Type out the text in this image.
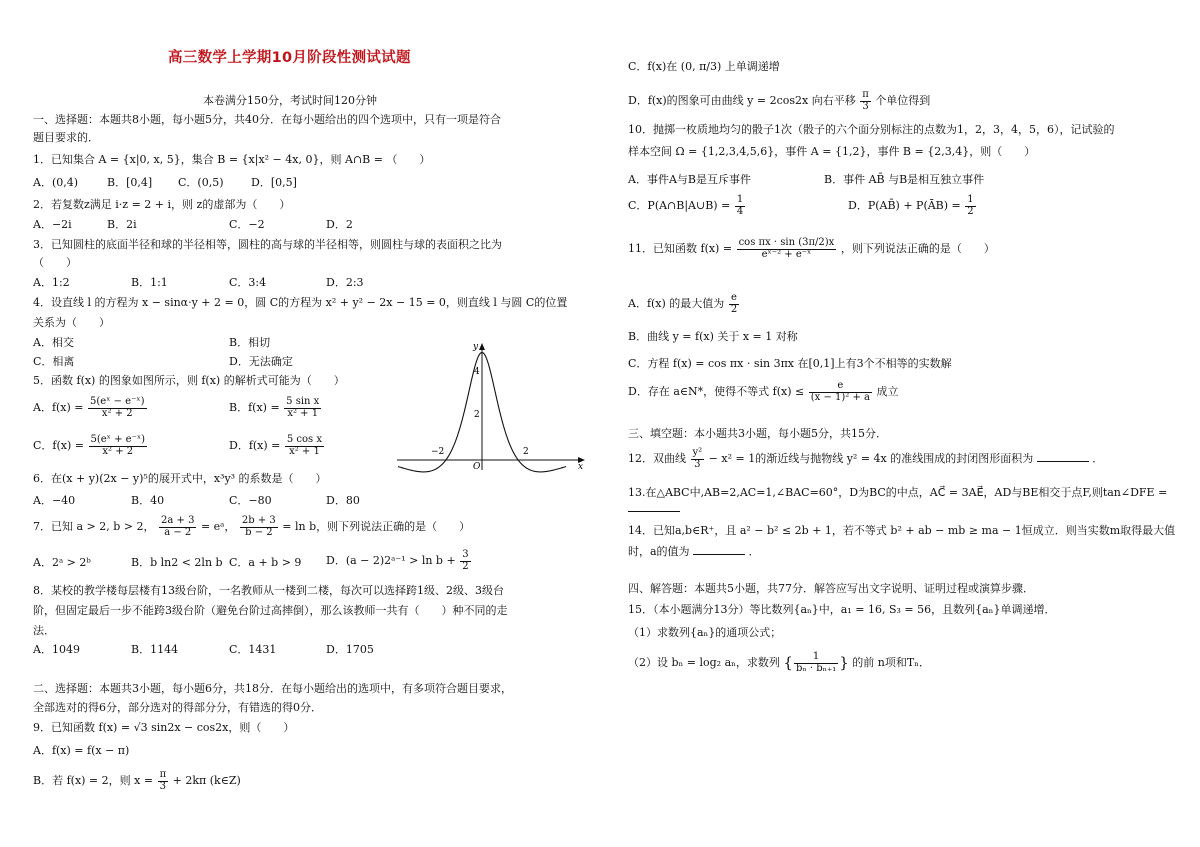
高三数学上学期10月阶段性测试试题
本卷满分150分，考试时间120分钟
一、选择题：本题共8小题，每小题5分，共40分．在每小题给出的四个选项中，只有一项是符合
题目要求的．
1．已知集合 A = {x|0, x, 5}，集合 B = {x|x² − 4x, 0}，则 A∩B = （　　）
A．(0,4)	B．[0,4] C．(0,5)	D．[0,5]
2．若复数z满足 i·z = 2 + i，则 z的虚部为（　　）
A．−2i	B．2i	C．−2	D．2
3．已知圆柱的底面半径和球的半径相等，圆柱的高与球的半径相等，则圆柱与球的表面积之比为
（　　）
A．1:2	B．1:1	C．3:4	D．2:3
4．设直线 l 的方程为 x − sinα·y + 2 = 0，圆 C的方程为 x² + y² − 2x − 15 = 0，则直线 l 与圆 C的位置
关系为（　　）
A．相交	B．相切
C．相离	D．无法确定
5．函数 f(x) 的图象如图所示，则 f(x) 的解析式可能为（　　）
A．$f(x) = \frac{\text{5(eˣ − e⁻ˣ)}}{\text{x² + 2}}$	B．$f(x) = \frac{\text{5 sin x}}{\text{x² + 1}}$
C．$f(x) = \frac{\text{5(eˣ + e⁻ˣ)}}{\text{x² + 2}}$	D．$f(x) = \frac{\text{5 cos x}}{\text{x² + 1}}$
6．在(x + y)(2x − y)⁵的展开式中，x³y³ 的系数是（　　）
A．−40	B．40	C．−80	D．80
7．已知 a > 2, b > 2， $\frac{2a + 3}{a - 2}$ = eᵃ， $\frac{2b + 3}{b - 2} = \ln b$，则下列说法正确的是（　　）
A．2ᵃ > 2ᵇ	B．b ln2 < 2ln b C．a + b > 9 D．(a − 2)2ᵃ⁻¹ > $\ln b + \frac{3}{2}$
8．某校的教学楼每层楼有13级台阶，一名教师从一楼到二楼，每次可以选择跨1级、2级、3级台
阶，但固定最后一步不能跨3级台阶（避免台阶过高摔倒），那么该教师一共有（　　）种不同的走
法．
A．1049	B．1144	C．1431	D．1705
二、选择题：本题共3小题，每小题6分，共18分．在每小题给出的选项中，有多项符合题目要求，
全部选对的得6分，部分选对的得部分分，有错选的得0分．
9．已知函数 f(x) = √3 sin2x − cos2x，则（　　）
A．f(x) = f(x − π)
B．若 f(x) = 2，则 $x = \frac{\pi}{3} + 2k\pi$ (k∈Z)
y
x
O
4
2
−2	2
C．f(x)在 (0, π/3) 上单调递增
D．f(x)的图象可由曲线 y = 2cos2x 向右平移 $\frac{\pi}{3}$ 个单位得到
10．抛掷一枚质地均匀的骰子1次（骰子的六个面分别标注的点数为1，2，3，4，5，6），记试验的
样本空间 Ω = {1,2,3,4,5,6}，事件 A = {1,2}，事件 B = {2,3,4}，则（　　）
A．事件A与B是互斥事件	B．事件 AB̄ 与B是相互独立事件
C．P(A∩B|A∪B) = $\frac{1}{4}$	D．P(AB̄) + P(ĀB) = $\frac{1}{2}$
11．已知函数 $f(x) = \frac{\text{cos πx · sin (3π/2)x}}{\text{eˣ⁻² + e⁻ˣ}}$ ，则下列说法正确的是（　　）
A．f(x) 的最大值为 $\frac{e}{2}$
B．曲线 y = f(x) 关于 x = 1 对称
C．方程 f(x) = cos πx · sin 3πx 在[0,1]上有3个不相等的实数解
D．存在 a∈N*，使得不等式 $f(x) \le \frac{e}{\text{(x − 1)² + a}}$ 成立
三、填空题：本小题共3小题，每小题5分，共15分．
12．双曲线 $\frac{\text{y²}}{3} - x^2 = 1$的渐近线与抛物线 y² = 4x 的准线围成的封闭图形面积为	．
13.在△ABC中,AB=2,AC=1,∠BAC=60°，D为BC的中点，AC⃗ = 3AE⃗，AD与BE相交于点F,则tan∠DFE =
14．已知a,b∈R⁺，且 a² − b² ≤ 2b + 1，若不等式 b² + ab − mb ≥ ma − 1恒成立．则当实数m取得最大值
时，a的值为	．
四、解答题：本题共5小题，共77分．解答应写出文字说明、证明过程或演算步骤．
15．（本小题满分13分）等比数列{aₙ}中，a₁ = 16, S₃ = 56，且数列{aₙ}单调递增．
（1）求数列{aₙ}的通项公式；
（2）设 bₙ = log₂ aₙ，求数列 { $\frac{1}{\text{bₙ · bₙ₊₁}}$ } 的前 n项和Tₙ．
